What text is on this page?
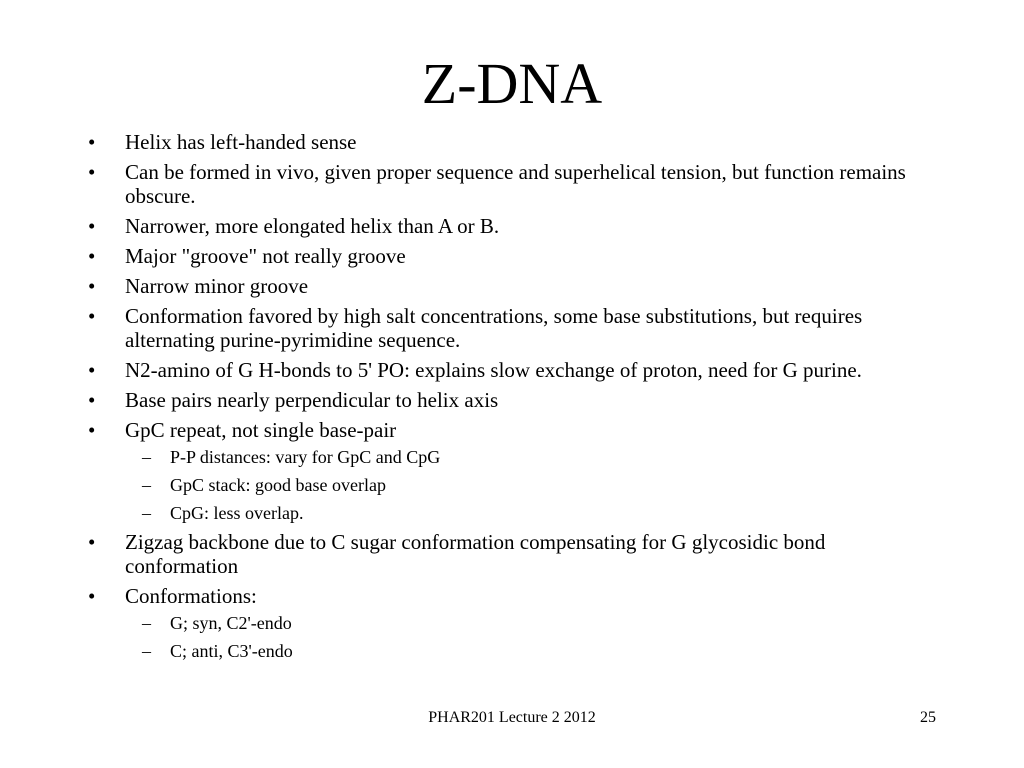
Z-DNA
• Helix has left-handed sense
• Can be formed in vivo, given proper sequence and superhelical tension, but function remains obscure.
• Narrower, more elongated helix than A or B.
• Major "groove" not really groove
• Narrow minor groove
• Conformation favored by high salt concentrations, some base substitutions, but requires alternating purine-pyrimidine sequence.
• N2-amino of G H-bonds to 5' PO: explains slow exchange of proton, need for G purine.
• Base pairs nearly perpendicular to helix axis
• GpC repeat, not single base-pair
– P-P distances: vary for GpC and CpG
– GpC stack: good base overlap
– CpG: less overlap.
• Zigzag backbone due to C sugar conformation compensating for G glycosidic bond conformation
• Conformations:
– G; syn, C2'-endo
– C; anti, C3'-endo
PHAR201 Lecture 2 2012	25
